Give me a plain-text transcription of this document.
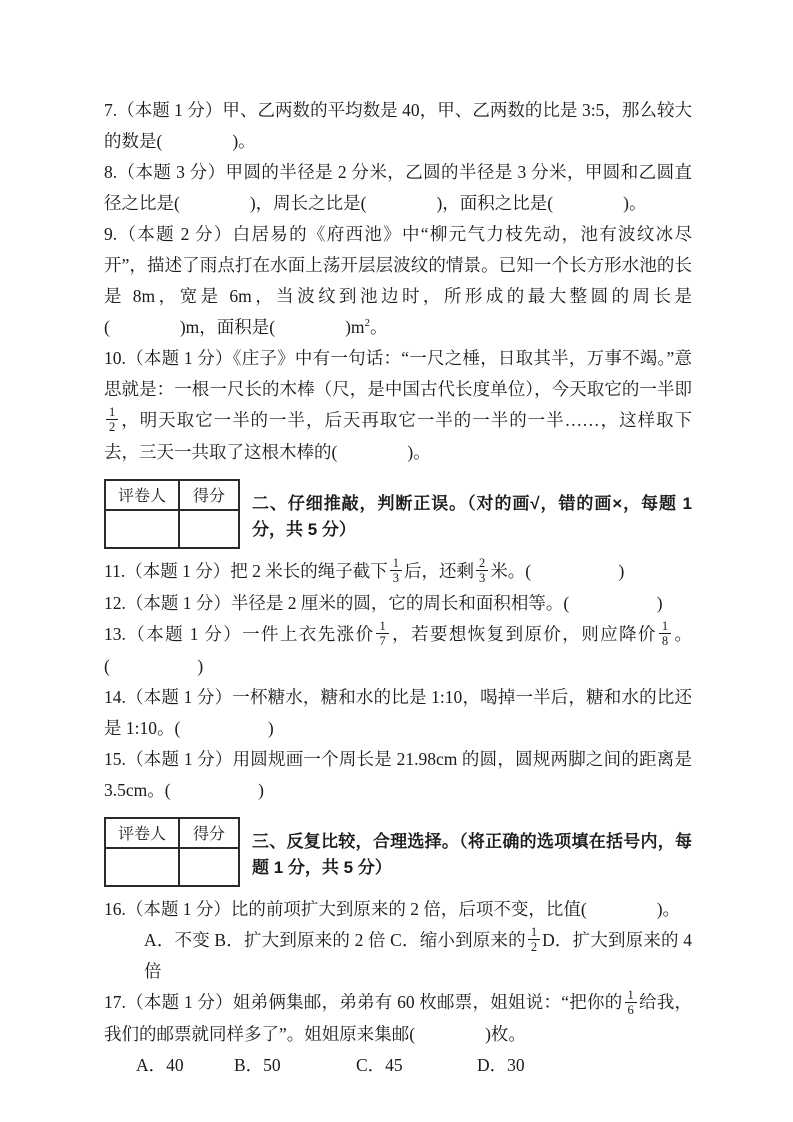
7.（本题 1 分）甲、乙两数的平均数是 40，甲、乙两数的比是 3:5，那么较大的数是(　　　　)。

8.（本题 3 分）甲圆的半径是 2 分米，乙圆的半径是 3 分米，甲圆和乙圆直径之比是(　　　　)，周长之比是(　　　　)，面积之比是(　　　　)。

9.（本题 2 分）白居易的《府西池》中“柳元气力枝先动，池有波纹冰尽开”，描述了雨点打在水面上荡开层层波纹的情景。已知一个长方形水池的长是 8m，宽是 6m，当波纹到池边时，所形成的最大整圆的周长是(　　　　)m，面积是(　　　　)$m^2$。

10.（本题 1 分）《庄子》中有一句话：“一尺之棰，日取其半，万事不竭。”意思就是：一根一尺长的木棒（尺，是中国古代长度单位），今天取它的一半即
$\frac{1}{2}$ ，明天取它一半的一半，后天再取它一半的一半的一半……，这样取下去，三天一共取了这根木棒的(　　　　)。

评卷人	得分
	二、仔细推敲，判断正误。（对的画√，错的画×，每题 1 分，共 5 分）

11.（本题 1 分）把 2 米长的绳子截下 $\frac{1}{3}$ 后，还剩 $\frac{2}{3}$ 米。(　　　　　)

12.（本题 1 分）半径是 2 厘米的圆，它的周长和面积相等。(　　　　　)

13.（本题 1 分）一件上衣先涨价 $\frac{1}{7}$ ，若要想恢复到原价，则应降价 $\frac{1}{8}$ 。(　　　　　)

14.（本题 1 分）一杯糖水，糖和水的比是 1:10，喝掉一半后，糖和水的比还是 1:10。(　　　　　)

15.（本题 1 分）用圆规画一个周长是 21.98cm 的圆，圆规两脚之间的距离是 3.5cm。(　　　　　)

评卷人	得分
	三、反复比较，合理选择。（将正确的选项填在括号内，每题 1 分，共 5 分）

16.（本题 1 分）比的前项扩大到原来的 2 倍，后项不变，比值(　　　　)。

A．不变 B．扩大到原来的 2 倍 C．缩小到原来的 $\frac{1}{2}$ D．扩大到原来的 4 倍

17.（本题 1 分）姐弟俩集邮，弟弟有 60 枚邮票，姐姐说：“把你的 $\frac{1}{6}$ 给我，我们的邮票就同样多了”。姐姐原来集邮(　　　　)枚。

A．40	B．50	C．45	D．30
